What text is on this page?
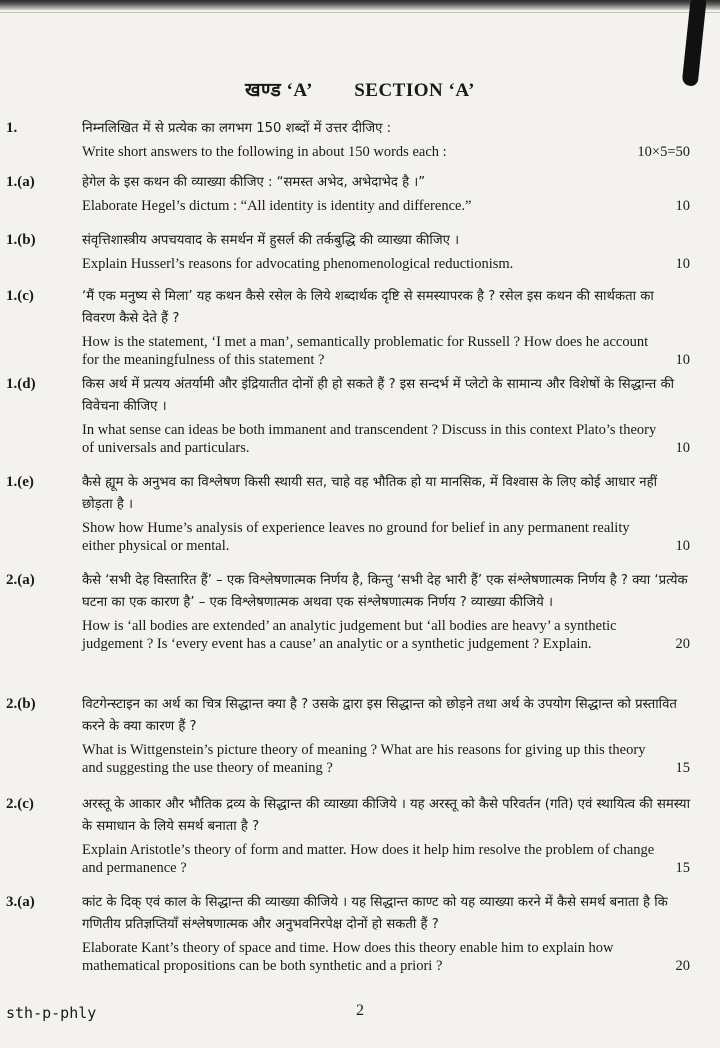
खण्ड ‘A’ SECTION ‘A’
1.	निम्नलिखित में से प्रत्येक का लगभग 150 शब्दों में उत्तर दीजिए :
10×5=50
Write short answers to the following in about 150 words each :
1.(a)	हेगेल के इस कथन की व्याख्या कीजिए : “समस्त अभेद, अभेदाभेद है ।”
10
Elaborate Hegel’s dictum : “All identity is identity and difference.”
1.(b)	संवृत्तिशास्त्रीय अपचयवाद के समर्थन में हुसर्ल की तर्कबुद्धि की व्याख्या कीजिए ।
10
Explain Husserl’s reasons for advocating phenomenological reductionism.
1.(c)	‘मैं एक मनुष्य से मिला’ यह कथन कैसे रसेल के लिये शब्दार्थक दृष्टि से समस्यापरक है ? रसेल इस कथन की सार्थकता का विवरण कैसे देते हैं ?
10
How is the statement, ‘I met a man’, semantically problematic for Russell ? How does he account for the meaningfulness of this statement ?
1.(d)	किस अर्थ में प्रत्यय अंतर्यामी और इंद्रियातीत दोनों ही हो सकते हैं ? इस सन्दर्भ में प्लेटो के सामान्य और विशेषों के सिद्धान्त की विवेचना कीजिए ।
10
In what sense can ideas be both immanent and transcendent ? Discuss in this context Plato’s theory of universals and particulars.
1.(e)	कैसे ह्यूम के अनुभव का विश्लेषण किसी स्थायी सत, चाहे वह भौतिक हो या मानसिक, में विश्वास के लिए कोई आधार नहीं छोड़ता है ।
10
Show how Hume’s analysis of experience leaves no ground for belief in any permanent reality either physical or mental.
2.(a)	कैसे ‘सभी देह विस्तारित हैं’ – एक विश्लेषणात्मक निर्णय है, किन्तु ‘सभी देह भारी हैं’ एक संश्लेषणात्मक निर्णय है ? क्या ‘प्रत्येक घटना का एक कारण है’ – एक विश्लेषणात्मक अथवा एक संश्लेषणात्मक निर्णय ? व्याख्या कीजिये ।
20
How is ‘all bodies are extended’ an analytic judgement but ‘all bodies are heavy’ a synthetic judgement ? Is ‘every event has a cause’ an analytic or a synthetic judgement ? Explain.
2.(b)	विटगेन्स्टाइन का अर्थ का चित्र सिद्धान्त क्या है ? उसके द्वारा इस सिद्धान्त को छोड़ने तथा अर्थ के उपयोग सिद्धान्त को प्रस्तावित करने के क्या कारण हैं ?
15
What is Wittgenstein’s picture theory of meaning ? What are his reasons for giving up this theory and suggesting the use theory of meaning ?
2.(c)	अरस्तू के आकार और भौतिक द्रव्य के सिद्धान्त की व्याख्या कीजिये । यह अरस्तू को कैसे परिवर्तन (गति) एवं स्थायित्व की समस्या के समाधान के लिये समर्थ बनाता है ?
15
Explain Aristotle’s theory of form and matter. How does it help him resolve the problem of change and permanence ?
3.(a)	कांट के दिक् एवं काल के सिद्धान्त की व्याख्या कीजिये । यह सिद्धान्त काण्ट को यह व्याख्या करने में कैसे समर्थ बनाता है कि गणितीय प्रतिज्ञप्तियाँ संश्लेषणात्मक और अनुभवनिरपेक्ष दोनों हो सकती हैं ?
20
Elaborate Kant’s theory of space and time. How does this theory enable him to explain how mathematical propositions can be both synthetic and a priori ?
sth-p-phly	2
